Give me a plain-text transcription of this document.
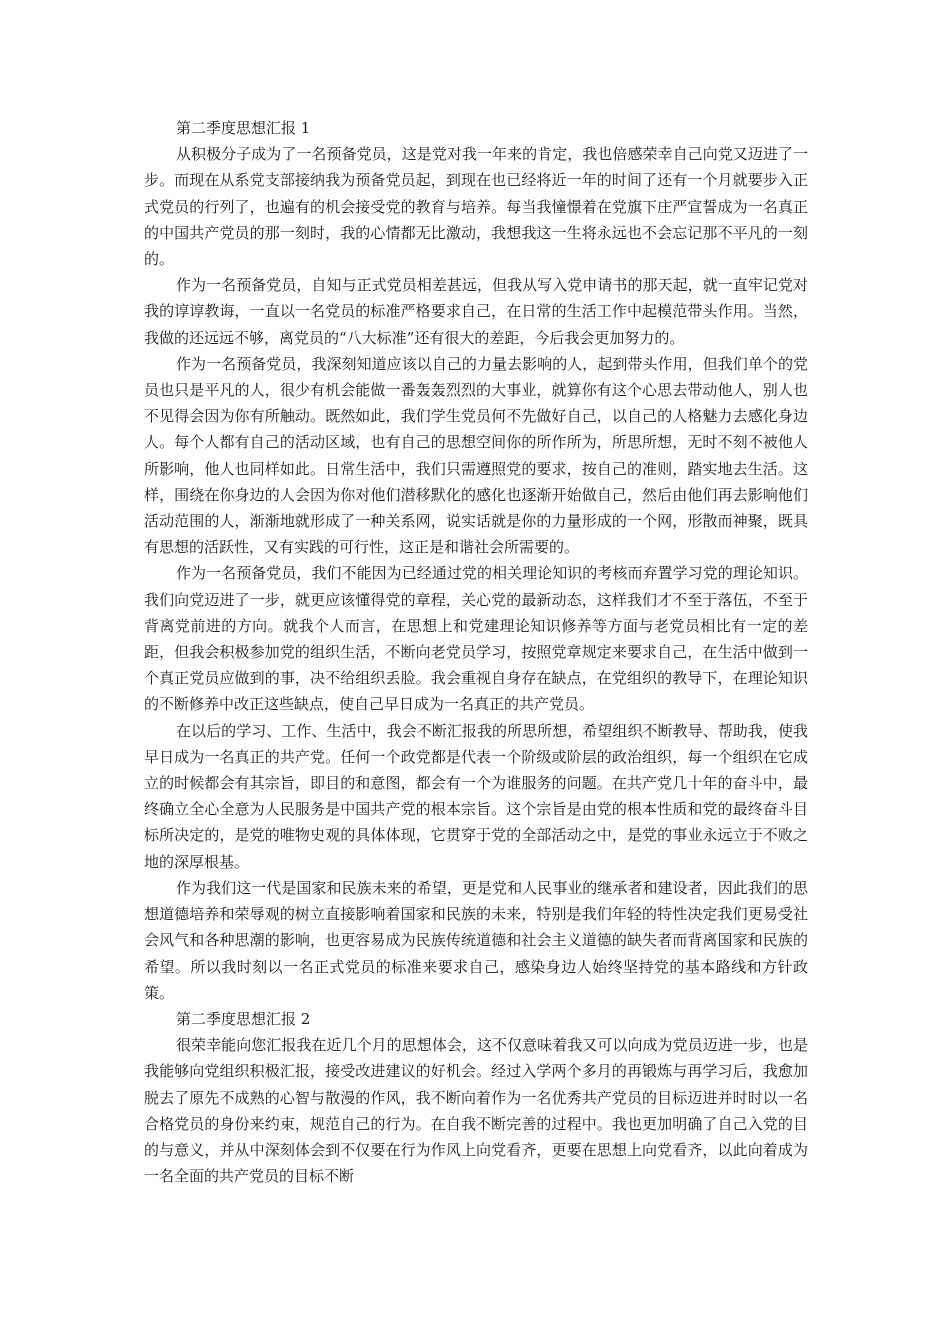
第二季度思想汇报 1

从积极分子成为了一名预备党员，这是党对我一年来的肯定，我也倍感荣幸自己向党又迈进了一步。而现在从系党支部接纳我为预备党员起，到现在也已经将近一年的时间了还有一个月就要步入正式党员的行列了，也遍有的机会接受党的教育与培养。每当我憧憬着在党旗下庄严宣誓成为一名真正的中国共产党员的那一刻时，我的心情都无比激动，我想我这一生将永远也不会忘记那不平凡的一刻的。

作为一名预备党员，自知与正式党员相差甚远，但我从写入党申请书的那天起，就一直牢记党对我的谆谆教诲，一直以一名党员的标准严格要求自己，在日常的生活工作中起模范带头作用。当然，我做的还远远不够，离党员的“八大标准”还有很大的差距，今后我会更加努力的。

作为一名预备党员，我深刻知道应该以自己的力量去影响的人，起到带头作用，但我们单个的党员也只是平凡的人，很少有机会能做一番轰轰烈烈的大事业，就算你有这个心思去带动他人，别人也不见得会因为你有所触动。既然如此，我们学生党员何不先做好自己，以自己的人格魅力去感化身边人。每个人都有自己的活动区域，也有自己的思想空间你的所作所为，所思所想，无时不刻不被他人所影响，他人也同样如此。日常生活中，我们只需遵照党的要求，按自己的准则，踏实地去生活。这样，围绕在你身边的人会因为你对他们潜移默化的感化也逐渐开始做自己，然后由他们再去影响他们活动范围的人，渐渐地就形成了一种关系网，说实话就是你的力量形成的一个网，形散而神聚，既具有思想的活跃性，又有实践的可行性，这正是和谐社会所需要的。

作为一名预备党员，我们不能因为已经通过党的相关理论知识的考核而弃置学习党的理论知识。我们向党迈进了一步，就更应该懂得党的章程，关心党的最新动态，这样我们才不至于落伍，不至于背离党前进的方向。就我个人而言，在思想上和党建理论知识修养等方面与老党员相比有一定的差距，但我会积极参加党的组织生活，不断向老党员学习，按照党章规定来要求自己，在生活中做到一个真正党员应做到的事，决不给组织丢脸。我会重视自身存在缺点，在党组织的教导下，在理论知识的不断修养中改正这些缺点，使自己早日成为一名真正的共产党员。

在以后的学习、工作、生活中，我会不断汇报我的所思所想，希望组织不断教导、帮助我，使我早日成为一名真正的共产党。任何一个政党都是代表一个阶级或阶层的政治组织，每一个组织在它成立的时候都会有其宗旨，即目的和意图，都会有一个为谁服务的问题。在共产党几十年的奋斗中，最终确立全心全意为人民服务是中国共产党的根本宗旨。这个宗旨是由党的根本性质和党的最终奋斗目标所决定的，是党的唯物史观的具体体现，它贯穿于党的全部活动之中，是党的事业永远立于不败之地的深厚根基。

作为我们这一代是国家和民族未来的希望，更是党和人民事业的继承者和建设者，因此我们的思想道德培养和荣辱观的树立直接影响着国家和民族的未来，特别是我们年轻的特性决定我们更易受社会风气和各种思潮的影响，也更容易成为民族传统道德和社会主义道德的缺失者而背离国家和民族的希望。所以我时刻以一名正式党员的标准来要求自己，感染身边人始终坚持党的基本路线和方针政策。

第二季度思想汇报 2

很荣幸能向您汇报我在近几个月的思想体会，这不仅意味着我又可以向成为党员迈进一步，也是我能够向党组织积极汇报，接受改进建议的好机会。经过入学两个多月的再锻炼与再学习后，我愈加脱去了原先不成熟的心智与散漫的作风，我不断向着作为一名优秀共产党员的目标迈进并时时以一名合格党员的身份来约束，规范自己的行为。在自我不断完善的过程中。我也更加明确了自己入党的目的与意义，并从中深刻体会到不仅要在行为作风上向党看齐，更要在思想上向党看齐，以此向着成为一名全面的共产党员的目标不断
